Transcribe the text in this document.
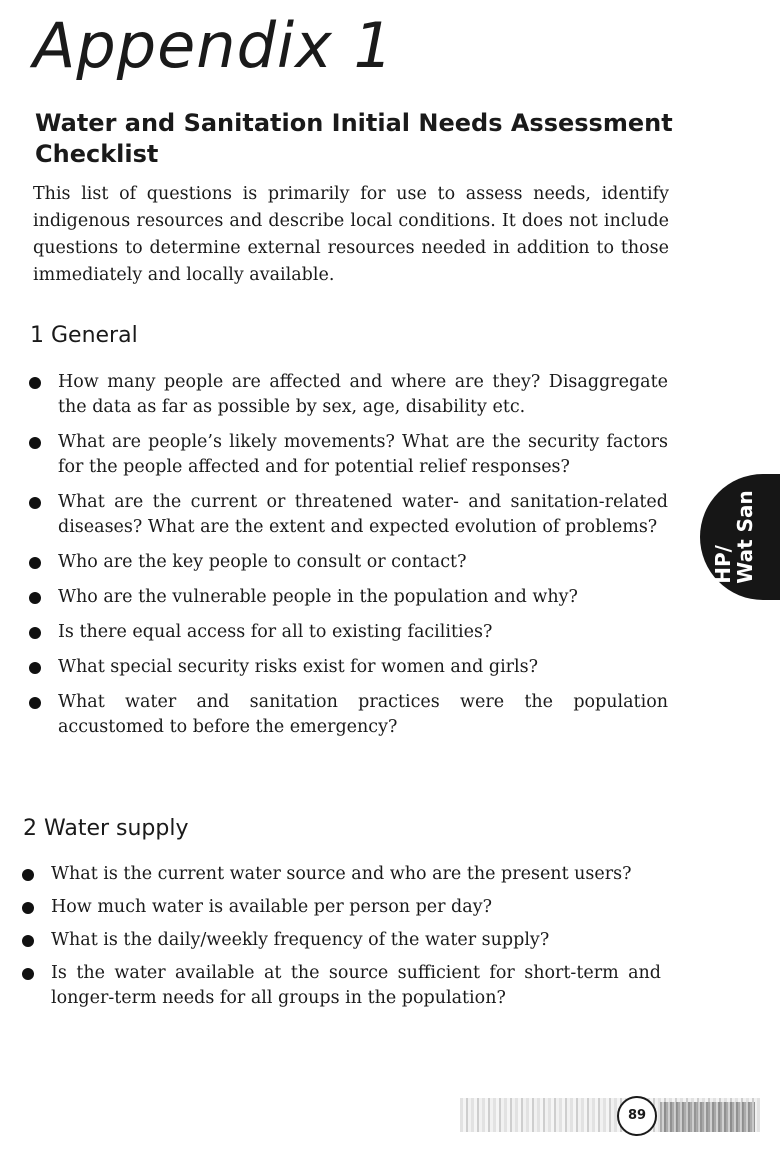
Appendix 1
Water and Sanitation Initial Needs Assessment Checklist

This list of questions is primarily for use to assess needs, identify indigenous resources and describe local conditions. It does not include questions to determine external resources needed in addition to those immediately and locally available.

1 General
How many people are affected and where are they? Disaggregate the data as far as possible by sex, age, disability etc.
What are people’s likely movements? What are the security factors for the people affected and for potential relief responses?
What are the current or threatened water- and sanitation-related diseases? What are the extent and expected evolution of problems?
Who are the key people to consult or contact?
Who are the vulnerable people in the population and why?
Is there equal access for all to existing facilities?
What special security risks exist for women and girls?
What water and sanitation practices were the population accustomed to before the emergency?
2 Water supply
What is the current water source and who are the present users?
How much water is available per person per day?
What is the daily/weekly frequency of the water supply?
Is the water available at the source sufficient for short-term and longer-term needs for all groups in the population?
HP/
Wat San
89
